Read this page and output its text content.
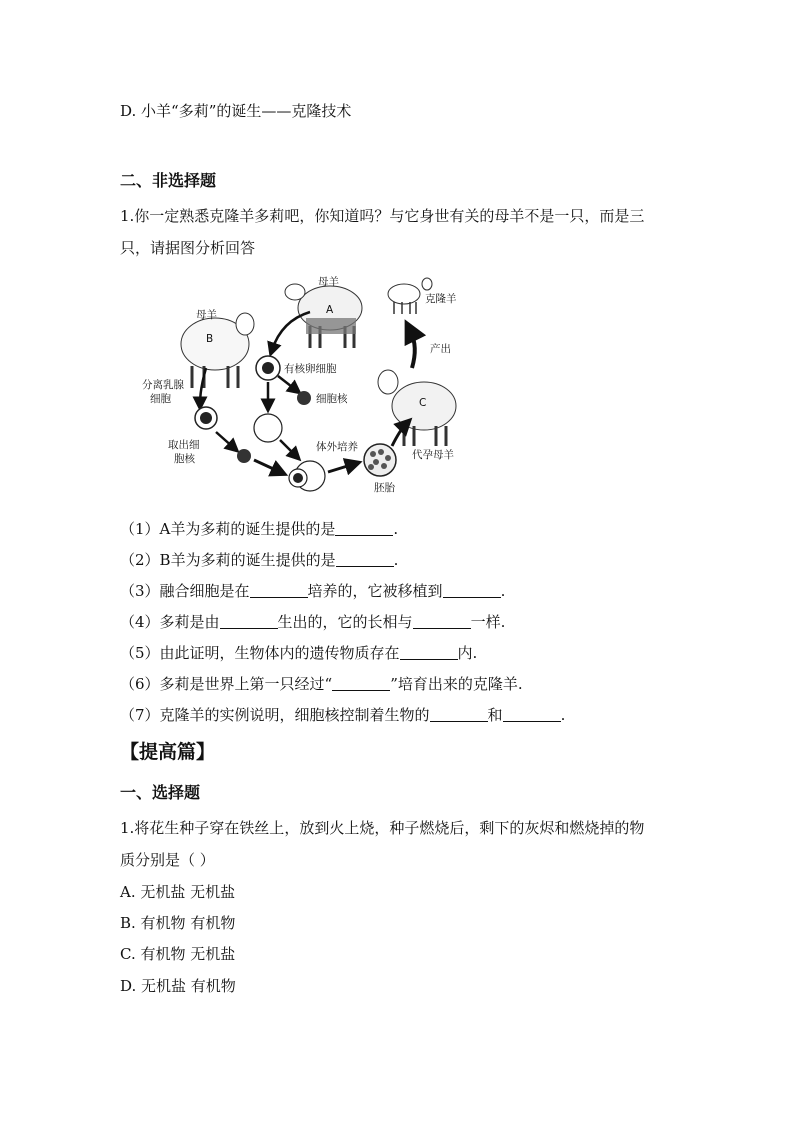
D. 小羊“多莉”的诞生——克隆技术
二、非选择题
1.你一定熟悉克隆羊多莉吧，你知道吗？与它身世有关的母羊不是一只，而是三
只，请据图分析回答
母羊
A
母羊
B
克隆羊
C
代孕母羊
产出
有核卵细胞
细胞核
分离乳腺
细胞
取出细
胞核
体外培养
胚胎
（1）A羊为多莉的诞生提供的是	.
（2）B羊为多莉的诞生提供的是	.
（3）融合细胞是在	培养的，它被移植到	.
（4）多莉是由	生出的，它的长相与	一样.
（5）由此证明，生物体内的遗传物质存在	内.
（6）多莉是世界上第一只经过“	”培育出来的克隆羊.
（7）克隆羊的实例说明，细胞核控制着生物的	和	.
【提高篇】
一、选择题
1.将花生种子穿在铁丝上，放到火上烧，种子燃烧后，剩下的灰烬和燃烧掉的物
质分别是（ ）
A. 无机盐 无机盐
B. 有机物 有机物
C. 有机物 无机盐
D. 无机盐 有机物
